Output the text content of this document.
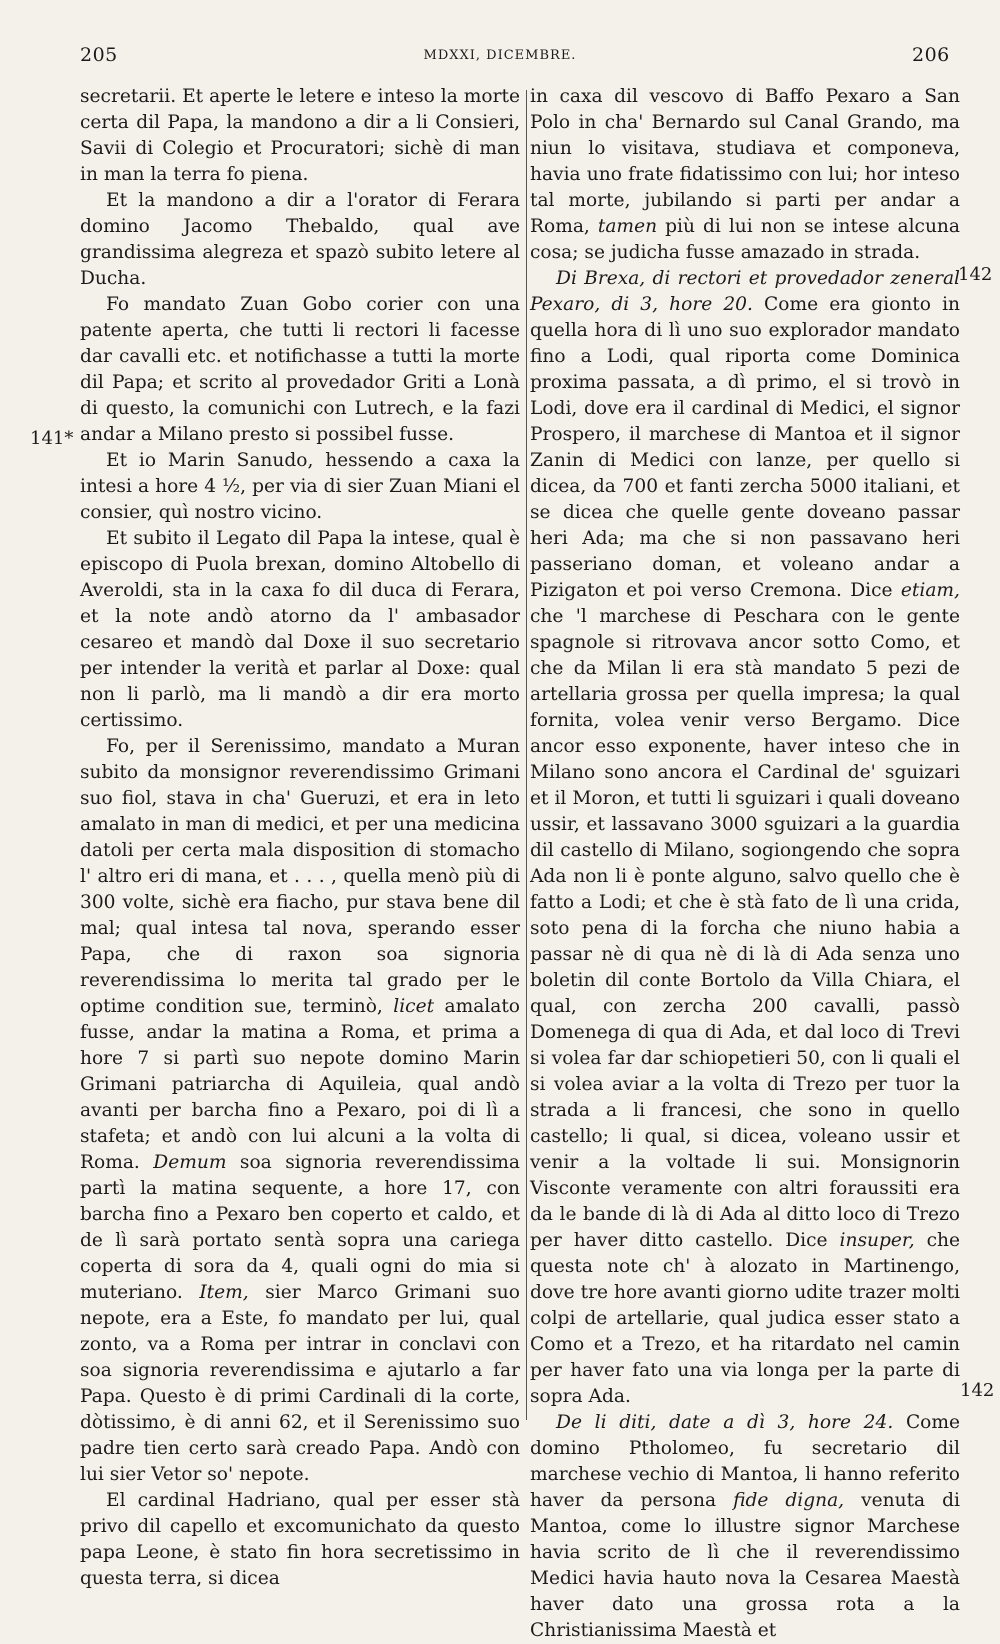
205	MDXXI, DICEMBRE.	206
141*
142
142

secretarii. Et aperte le letere e inteso la morte certa dil Papa, la mandono a dir a li Consieri, Savii di Colegio et Procuratori; sichè di man in man la terra fo piena.

Et la mandono a dir a l'orator di Ferara domino Jacomo Thebaldo, qual ave grandissima alegreza et spazò subito letere al Ducha.

Fo mandato Zuan Gobo corier con una patente aperta, che tutti li rectori li facesse dar cavalli etc. et notifichasse a tutti la morte dil Papa; et scrito al provedador Griti a Lonà di questo, la comunichi con Lutrech, e la fazi andar a Milano presto si possibel fusse.

Et io Marin Sanudo, hessendo a caxa la intesi a hore 4 ½, per via di sier Zuan Miani el consier, quì nostro vicino.

Et subito il Legato dil Papa la intese, qual è episcopo di Puola brexan, domino Altobello di Averoldi, sta in la caxa fo dil duca di Ferara, et la note andò atorno da l' ambasador cesareo et mandò dal Doxe il suo secretario per intender la verità et parlar al Doxe: qual non li parlò, ma li mandò a dir era morto certissimo.

Fo, per il Serenissimo, mandato a Muran subito da monsignor reverendissimo Grimani suo fiol, stava in cha' Gueruzi, et era in leto amalato in man di medici, et per una medicina datoli per certa mala disposition di stomacho l' altro eri di mana, et . . . , quella menò più di 300 volte, sichè era fiacho, pur stava bene dil mal; qual intesa tal nova, sperando esser Papa, che di raxon soa signoria reverendissima lo merita tal grado per le optime condition sue, terminò, licet amalato fusse, andar la matina a Roma, et prima a hore 7 si partì suo nepote domino Marin Grimani patriarcha di Aquileia, qual andò avanti per barcha fino a Pexaro, poi di lì a stafeta; et andò con lui alcuni a la volta di Roma. Demum soa signoria reverendissima partì la matina sequente, a hore 17, con barcha fino a Pexaro ben coperto et caldo, et de lì sarà portato sentà sopra una cariega coperta di sora da 4, quali ogni do mia si muteriano. Item, sier Marco Grimani suo nepote, era a Este, fo mandato per lui, qual zonto, va a Roma per intrar in conclavi con soa signoria reverendissima e ajutarlo a far Papa. Questo è di primi Cardinali di la corte, dòtissimo, è di anni 62, et il Serenissimo suo padre tien certo sarà creado Papa. Andò con lui sier Vetor so' nepote.

El cardinal Hadriano, qual per esser stà privo dil capello et excomunichato da questo papa Leone, è stato fin hora secretissimo in questa terra, si dicea

in caxa dil vescovo di Baffo Pexaro a San Polo in cha' Bernardo sul Canal Grando, ma niun lo visitava, studiava et componeva, havia uno frate fidatissimo con lui; hor inteso tal morte, jubilando si parti per andar a Roma, tamen più di lui non se intese alcuna cosa; se judicha fusse amazado in strada.

Di Brexa, di rectori et provedador zeneral Pexaro, di 3, hore 20. Come era gionto in quella hora di lì uno suo explorador mandato fino a Lodi, qual riporta come Dominica proxima passata, a dì primo, el si trovò in Lodi, dove era il cardinal di Medici, el signor Prospero, il marchese di Mantoa et il signor Zanin di Medici con lanze, per quello si dicea, da 700 et fanti zercha 5000 italiani, et se dicea che quelle gente doveano passar heri Ada; ma che si non passavano heri passeriano doman, et voleano andar a Pizigaton et poi verso Cremona. Dice etiam, che 'l marchese di Peschara con le gente spagnole si ritrovava ancor sotto Como, et che da Milan li era stà mandato 5 pezi de artellaria grossa per quella impresa; la qual fornita, volea venir verso Bergamo. Dice ancor esso exponente, haver inteso che in Milano sono ancora el Cardinal de' sguizari et il Moron, et tutti li sguizari i quali doveano ussir, et lassavano 3000 sguizari a la guardia dil castello di Milano, sogiongendo che sopra Ada non li è ponte alguno, salvo quello che è fatto a Lodi; et che è stà fato de lì una crida, soto pena di la forcha che niuno habia a passar nè di qua nè di là di Ada senza uno boletin dil conte Bortolo da Villa Chiara, el qual, con zercha 200 cavalli, passò Domenega di qua di Ada, et dal loco di Trevi si volea far dar schiopetieri 50, con li quali el si volea aviar a la volta di Trezo per tuor la strada a li francesi, che sono in quello castello; li qual, si dicea, voleano ussir et venir a la voltade li sui. Monsignorin Visconte veramente con altri foraussiti era da le bande di là di Ada al ditto loco di Trezo per haver ditto castello. Dice insuper, che questa note ch' à alozato in Martinengo, dove tre hore avanti giorno udite trazer molti colpi de artellarie, qual judica esser stato a Como et a Trezo, et ha ritardato nel camin per haver fato una via longa per la parte di sopra Ada.

De li diti, date a dì 3, hore 24. Come domino Ptholomeo, fu secretario dil marchese vechio di Mantoa, li hanno referito haver da persona fide digna, venuta di Mantoa, come lo illustre signor Marchese havia scrito de lì che il reverendissimo Medici havia hauto nova la Cesarea Maestà haver dato una grossa rota a la Christianissima Maestà et
